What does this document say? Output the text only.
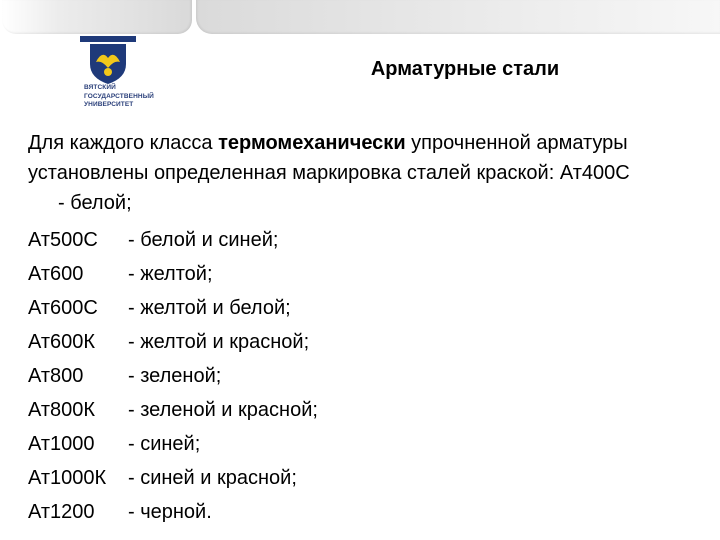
ВЯТСКИЙ
ГОСУДАРСТВЕННЫЙ
УНИВЕРСИТЕТ
Арматурные стали

Для каждого класса термомеханически упрочненной арматуры установлены определенная маркировка сталей краской: Ат400С
- белой;

Ат500С	- белой и синей;
Ат600	- желтой;
Ат600С	- желтой и белой;
Ат600К	- желтой и красной;
Ат800	- зеленой;
Ат800К	- зеленой и красной;
Ат1000	- синей;
Ат1000К	- синей и красной;
Ат1200	- черной.
